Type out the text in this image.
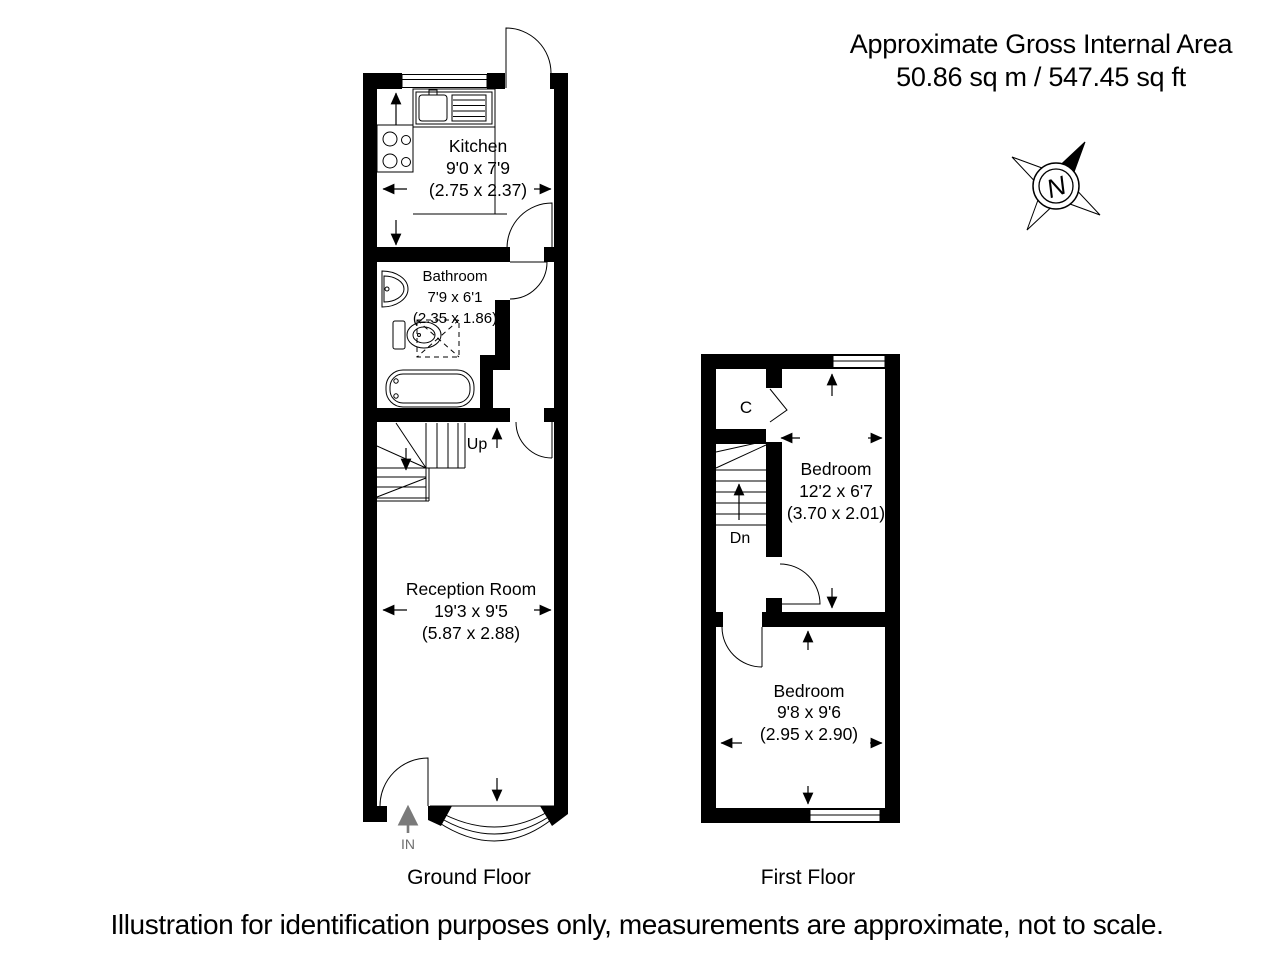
Approximate Gross Internal Area
50.86 sq m / 547.45 sq ft
N
Kitchen
9'0 x 7'9
(2.75 x 2.37)
Bathroom
7'9 x 6'1
(2.35 x 1.86)
Up
Reception Room
19'3 x 9'5
(5.87 x 2.88)
IN
C
Dn
Bedroom
12'2 x 6'7
(3.70 x 2.01)
Bedroom
9'8 x 9'6
(2.95 x 2.90)
Ground Floor	First Floor
Illustration for identification purposes only, measurements are approximate, not to scale.
